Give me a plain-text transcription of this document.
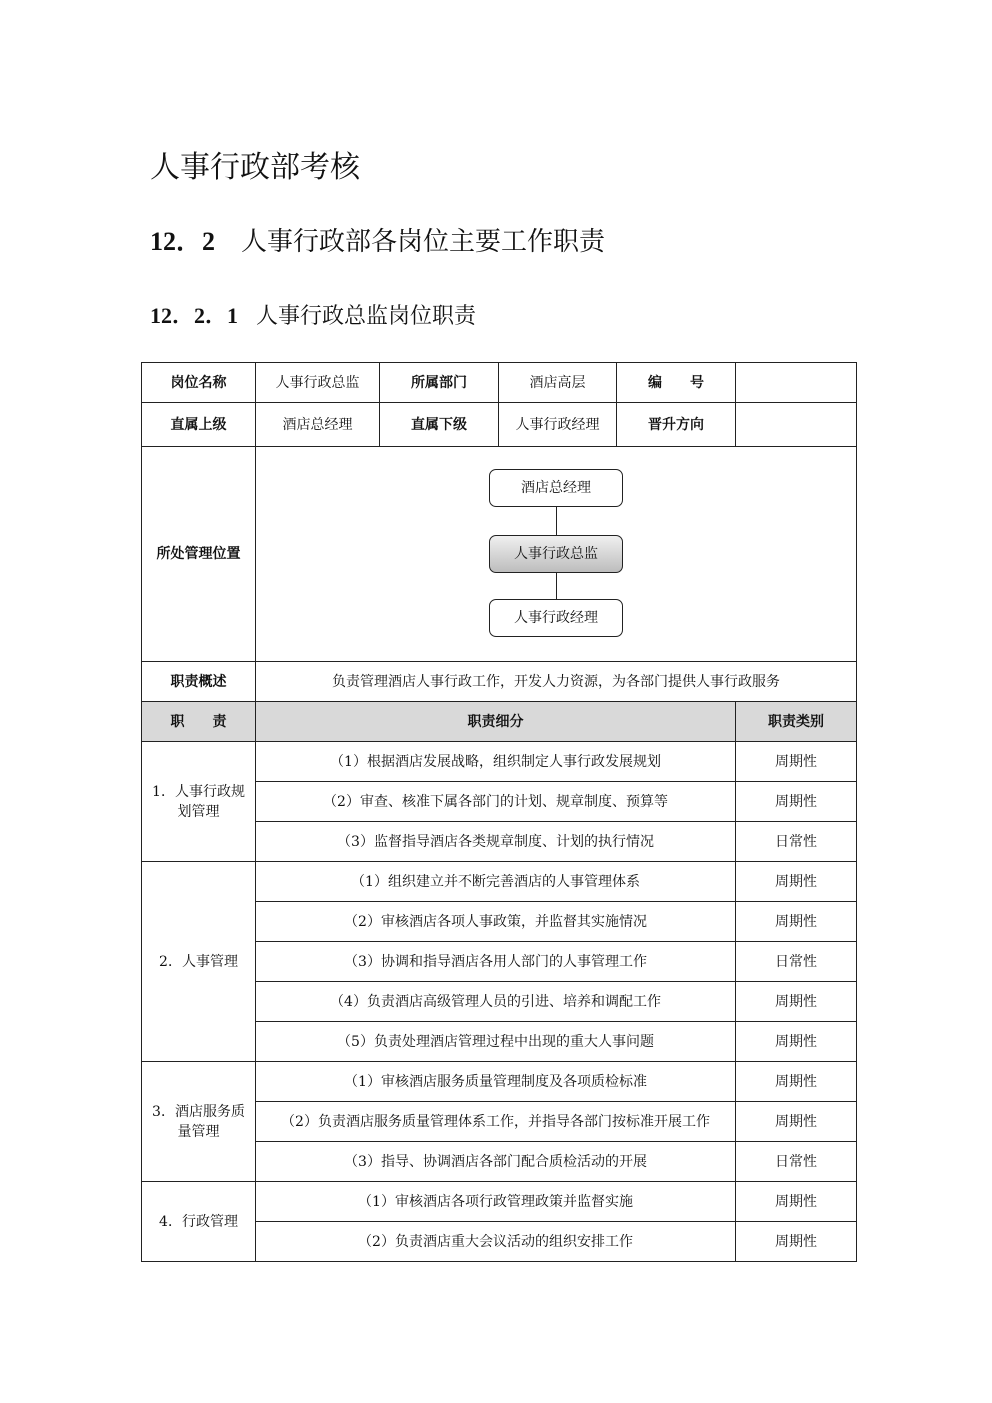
人事行政部考核
12．2 人事行政部各岗位主要工作职责
12．2．1 人事行政总监岗位职责
岗位名称	人事行政总监	所属部门	酒店高层	编　　号	
直属上级	酒店总经理	直属下级	人事行政经理	晋升方向	
所处管理位置	酒店总经理
人事行政总监
人事行政经理				

职责概述	负责管理酒店人事行政工作，开发人力资源，为各部门提供人事行政服务				
职　　责	职责细分				职责类别
1．人事行政规划管理	（1）根据酒店发展战略，组织制定人事行政发展规划				周期性
	（2）审查、核准下属各部门的计划、规章制度、预算等				周期性
	（3）监督指导酒店各类规章制度、计划的执行情况				日常性
2．人事管理	（1）组织建立并不断完善酒店的人事管理体系				周期性
	（2）审核酒店各项人事政策，并监督其实施情况				周期性
	（3）协调和指导酒店各用人部门的人事管理工作				日常性
	（4）负责酒店高级管理人员的引进、培养和调配工作				周期性
	（5）负责处理酒店管理过程中出现的重大人事问题				周期性
3．酒店服务质量管理	（1）审核酒店服务质量管理制度及各项质检标准				周期性
	（2）负责酒店服务质量管理体系工作，并指导各部门按标准开展工作				周期性
	（3）指导、协调酒店各部门配合质检活动的开展				日常性
4．行政管理	（1）审核酒店各项行政管理政策并监督实施				周期性
	（2）负责酒店重大会议活动的组织安排工作				周期性
